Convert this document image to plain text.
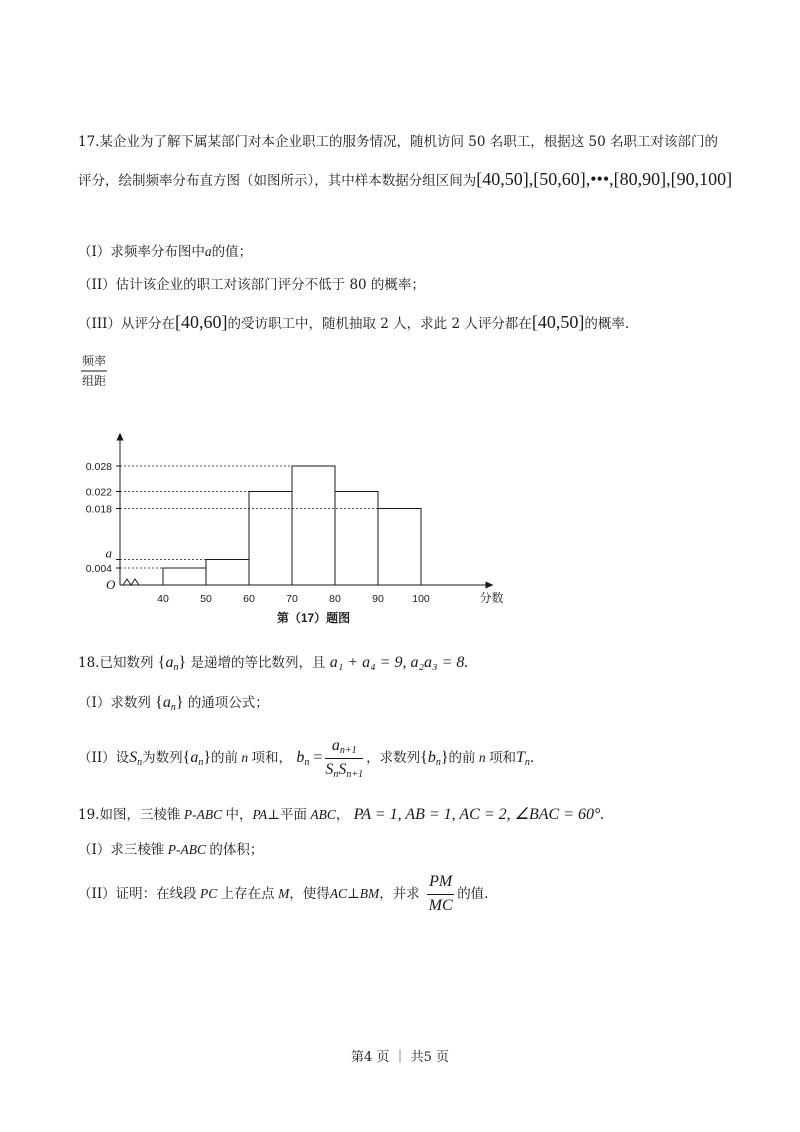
17.某企业为了解下属某部门对本企业职工的服务情况，随机访问 50 名职工，根据这 50 名职工对该部门的
评分，绘制频率分布直方图（如图所示），其中样本数据分组区间为[40,50],[50,60],•••,[80,90],[90,100]
（I）求频率分布图中a的值；
（II）估计该企业的职工对该部门评分不低于 80 的概率；
（III）从评分在[40,60]的受访职工中，随机抽取 2 人，求此 2 人评分都在[40,50]的概率.
0.028
0.022
0.018
a
0.004
40	50	60	70	80	90	100
O
频率
组距
分数
第（17）题图
18.已知数列 $\{a_n\}$ 是递增的等比数列，且 a₁ + a₄ = 9, a₂a₃ = 8.
（I）求数列 $\{a_n\}$ 的通项公式；
（II）设$S_n$为数列$\{a_n\}$的前 n 项和， $b_n = \frac{a_{n+1}}{S_nS_{n+1}}$ ，求数列$\{b_n\}$的前 n 项和$T_n$.
19.如图，三棱锥 P-ABC 中，PA⊥平面 ABC， PA = 1, AB = 1, AC = 2, ∠BAC = 60°.
（I）求三棱锥 P-ABC 的体积；
（II）证明：在线段 PC 上存在点 M，使得AC⊥BM，并求 $\frac{PM}{MC}$ 的值.
第4 页 ｜ 共5 页
